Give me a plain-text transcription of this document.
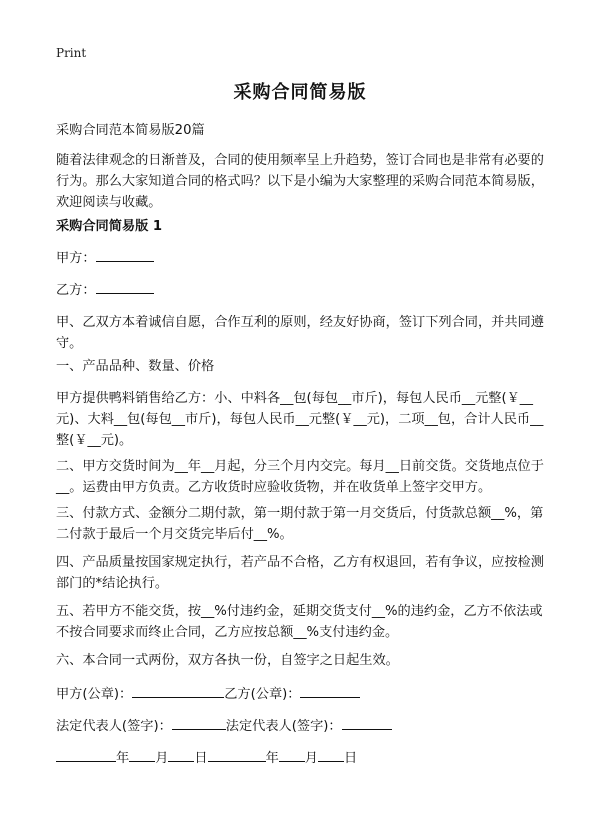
Print
采购合同简易版

采购合同范本简易版20篇

随着法律观念的日渐普及，合同的使用频率呈上升趋势，签订合同也是非常有必要的行为。那么大家知道合同的格式吗？以下是小编为大家整理的采购合同范本简易版，欢迎阅读与收藏。

采购合同简易版 1

甲方：

乙方：

甲、乙双方本着诚信自愿，合作互利的原则，经友好协商，签订下列合同，并共同遵守。

一、产品品种、数量、价格

甲方提供鸭料销售给乙方：小、中料各__包(每包__市斤)，每包人民币__元整(￥__元)、大料__包(每包__市斤)，每包人民币__元整(￥__元)，二项__包，合计人民币__整(￥__元)。

二、甲方交货时间为__年__月起，分三个月内交完。每月__日前交货。交货地点位于__。运费由甲方负责。乙方收货时应验收货物，并在收货单上签字交甲方。

三、付款方式、金额分二期付款，第一期付款于第一月交货后，付货款总额__%，第二付款于最后一个月交货完毕后付__%。

四、产品质量按国家规定执行，若产品不合格，乙方有权退回，若有争议，应按检测部门的*结论执行。

五、若甲方不能交货，按__%付违约金，延期交货支付__%的违约金，乙方不依法或不按合同要求而终止合同，乙方应按总额__%支付违约金。

六、本合同一式两份，双方各执一份，自签字之日起生效。

甲方(公章)：	乙方(公章)：

法定代表人(签字)：	法定代表人(签字)：

年 月 日	年 月 日
